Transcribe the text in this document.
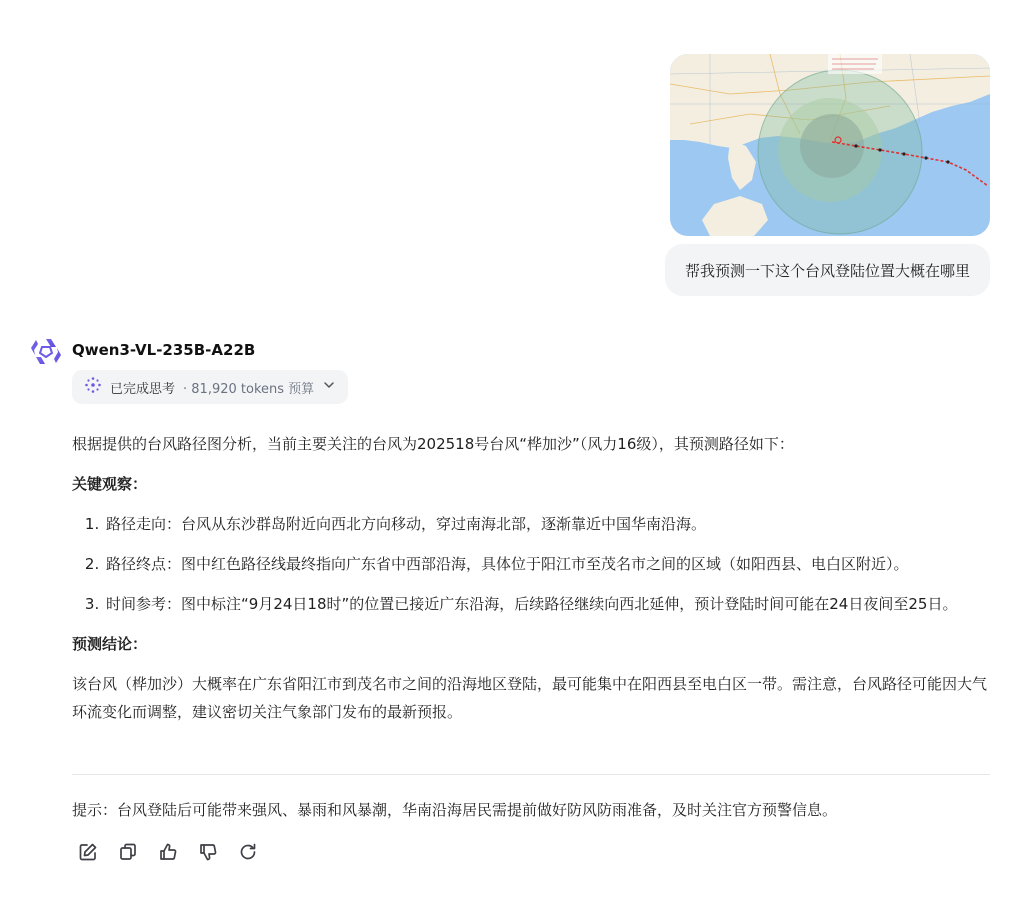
帮我预测一下这个台风登陆位置大概在哪里
Qwen3-VL-235B-A22B
已完成思考 · 81,920 tokens 预算

根据提供的台风路径图分析，当前主要关注的台风为202518号台风“桦加沙”（风力16级），其预测路径如下：

关键观察：

1. 路径走向：台风从东沙群岛附近向西北方向移动，穿过南海北部，逐渐靠近中国华南沿海。
2. 路径终点：图中红色路径线最终指向广东省中西部沿海，具体位于阳江市至茂名市之间的区域（如阳西县、电白区附近）。
3. 时间参考：图中标注“9月24日18时”的位置已接近广东沿海，后续路径继续向西北延伸，预计登陆时间可能在24日夜间至25日。

预测结论：

该台风（桦加沙）大概率在广东省阳江市到茂名市之间的沿海地区登陆，最可能集中在阳西县至电白区一带。需注意，台风路径可能因大气环流变化而调整，建议密切关注气象部门发布的最新预报。

提示：台风登陆后可能带来强风、暴雨和风暴潮，华南沿海居民需提前做好防风防雨准备，及时关注官方预警信息。
